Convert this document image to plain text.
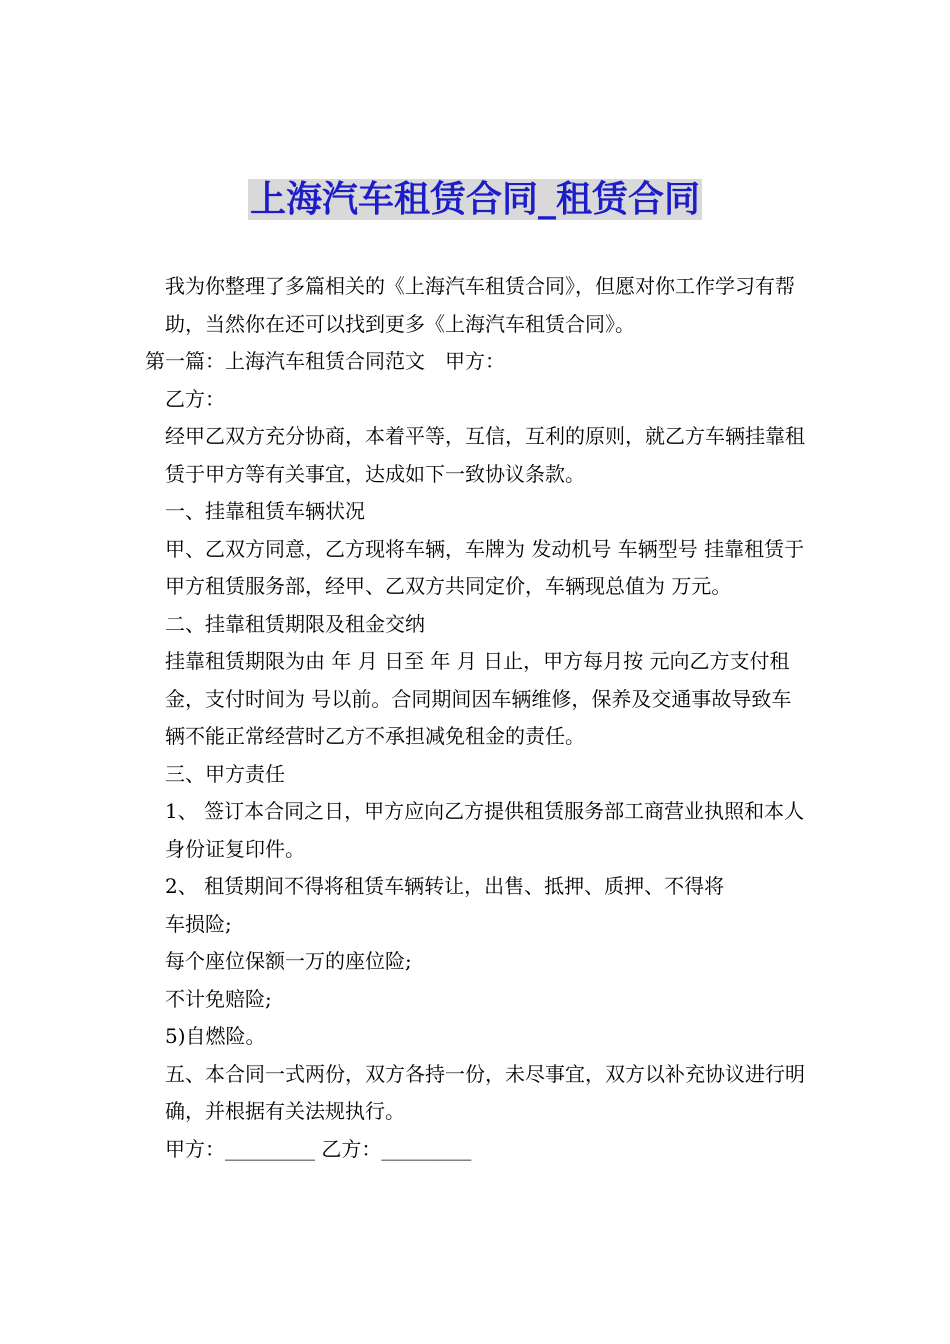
上海汽车租赁合同_租赁合同

我为你整理了多篇相关的《上海汽车租赁合同》，但愿对你工作学习有帮助，当然你在还可以找到更多《上海汽车租赁合同》。

第一篇：上海汽车租赁合同范文　甲方：

乙方：

经甲乙双方充分协商，本着平等，互信，互利的原则，就乙方车辆挂靠租赁于甲方等有关事宜，达成如下一致协议条款。

一、挂靠租赁车辆状况

甲、乙双方同意，乙方现将车辆，车牌为 发动机号 车辆型号 挂靠租赁于甲方租赁服务部，经甲、乙双方共同定价，车辆现总值为 万元。

二、挂靠租赁期限及租金交纳

挂靠租赁期限为由 年 月 日至 年 月 日止，甲方每月按 元向乙方支付租金，支付时间为 号以前。合同期间因车辆维修，保养及交通事故导致车辆不能正常经营时乙方不承担减免租金的责任。

三、甲方责任

1、 签订本合同之日，甲方应向乙方提供租赁服务部工商营业执照和本人身份证复印件。

2、 租赁期间不得将租赁车辆转让，出售、抵押、质押、不得将

车损险;

每个座位保额一万的座位险;

不计免赔险;

5)自燃险。

五、本合同一式两份，双方各持一份，未尽事宜，双方以补充协议进行明确，并根据有关法规执行。

甲方：_________ 乙方：_________
